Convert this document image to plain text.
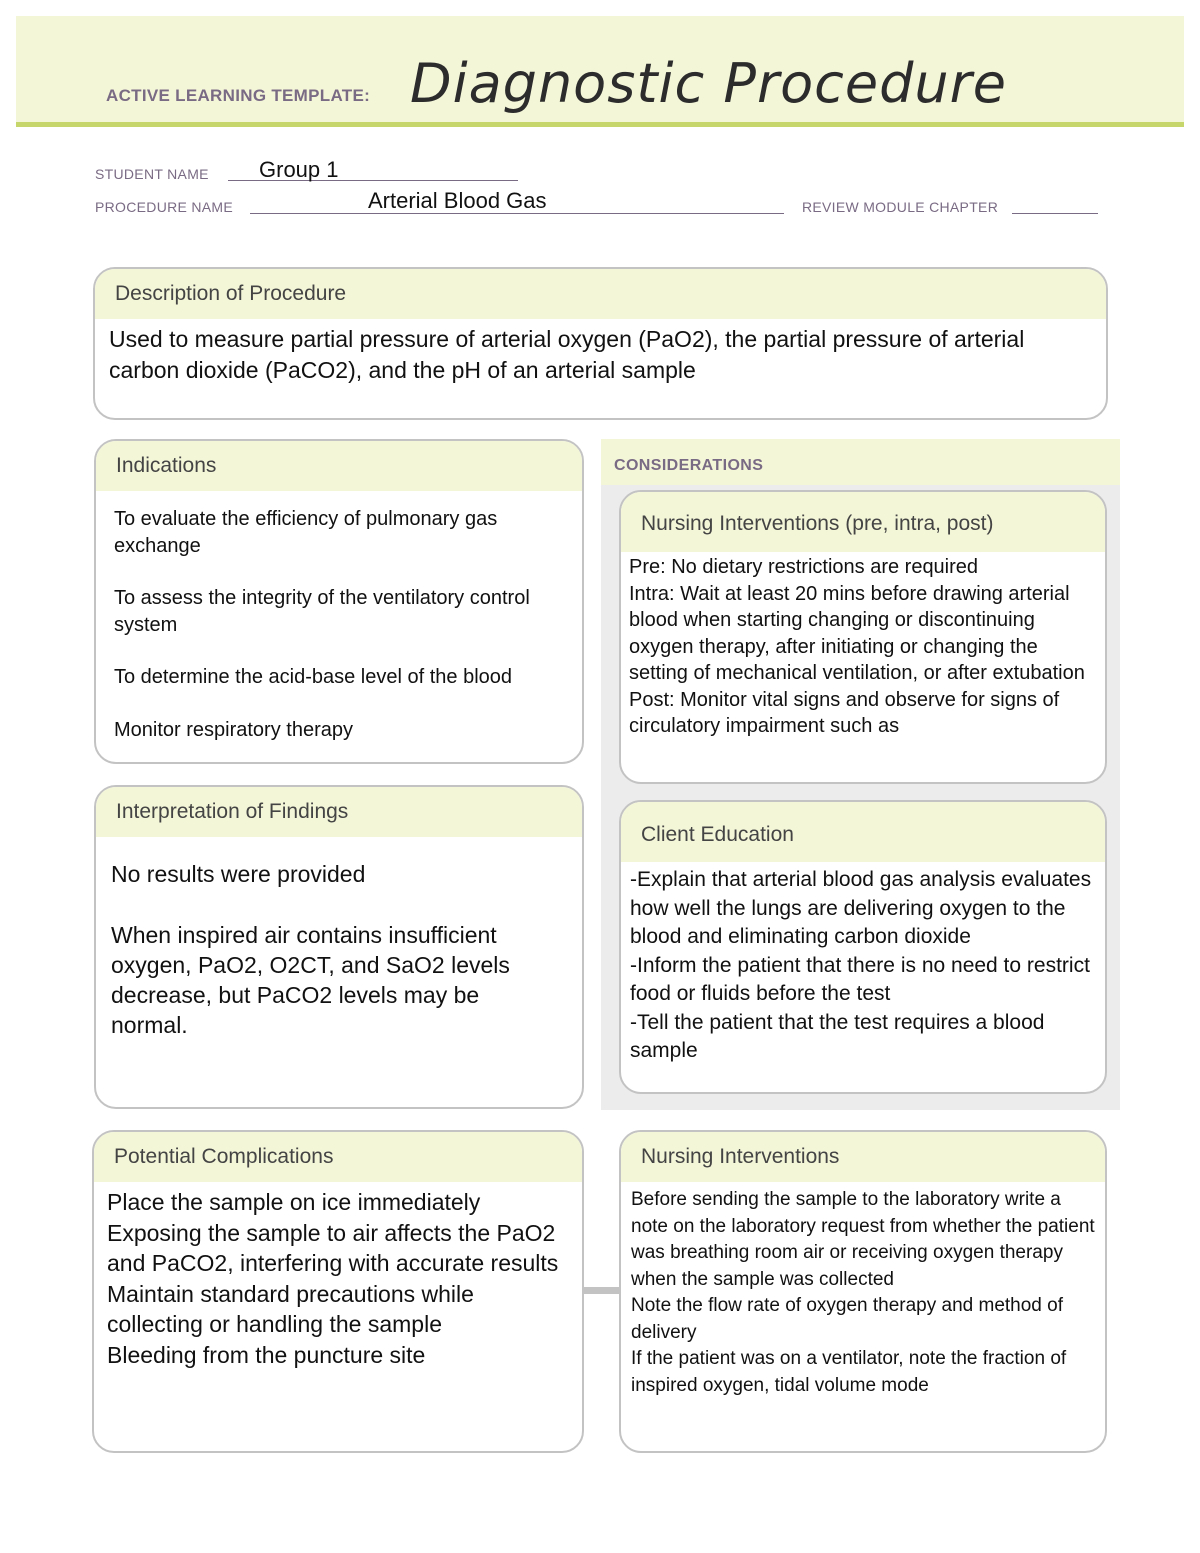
ACTIVE LEARNING TEMPLATE: Diagnostic Procedure
STUDENT NAME Group 1
PROCEDURE NAME	Arterial Blood Gas	REVIEW MODULE CHAPTER
Description of Procedure

Used to measure partial pressure of arterial oxygen (PaO2), the partial pressure of arterial carbon dioxide (PaCO2), and the pH of an arterial sample

Indications

To evaluate the efficiency of pulmonary gas exchange

To assess the integrity of the ventilatory control system

To determine the acid-base level of the blood

Monitor respiratory therapy

CONSIDERATIONS
Nursing Interventions (pre, intra, post)

Pre: No dietary restrictions are required

Intra: Wait at least 20 mins before drawing arterial blood when starting changing or discontinuing oxygen therapy, after initiating or changing the setting of mechanical ventilation, or after extubation

Post: Monitor vital signs and observe for signs of circulatory impairment such as

Client Education

-Explain that arterial blood gas analysis evaluates how well the lungs are delivering oxygen to the blood and eliminating carbon dioxide

-Inform the patient that there is no need to restrict food or fluids before the test

-Tell the patient that the test requires a blood sample

Interpretation of Findings

No results were provided

When inspired air contains insufficient oxygen, PaO2, O2CT, and SaO2 levels decrease, but PaCO2 levels may be normal.

Potential Complications

Place the sample on ice immediately

Exposing the sample to air affects the PaO2 and PaCO2, interfering with accurate results

Maintain standard precautions while collecting or handling the sample

Bleeding from the puncture site

Nursing Interventions

Before sending the sample to the laboratory write a note on the laboratory request from whether the patient was breathing room air or receiving oxygen therapy when the sample was collected

Note the flow rate of oxygen therapy and method of delivery

If the patient was on a ventilator, note the fraction of inspired oxygen, tidal volume mode
